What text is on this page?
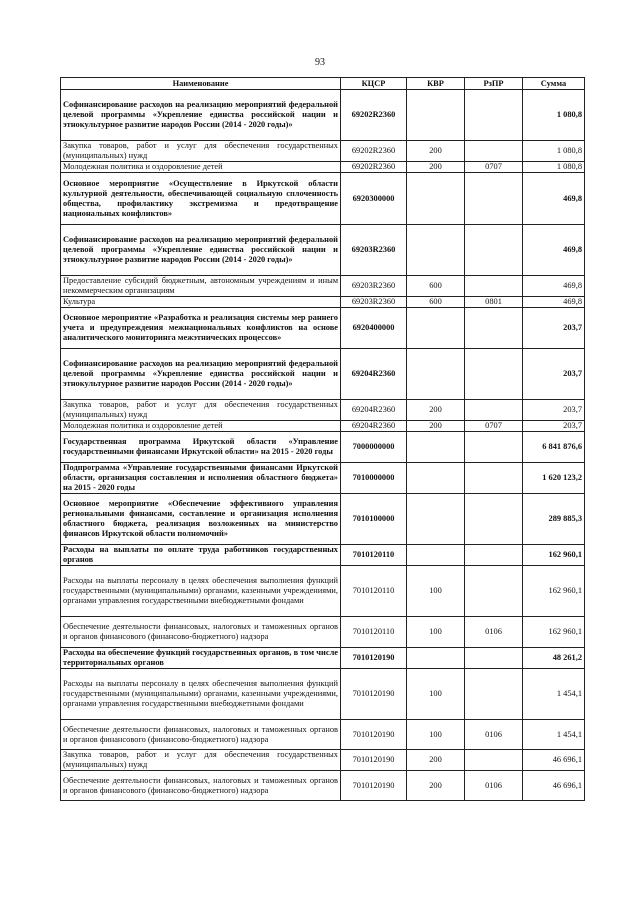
93
Наименование	КЦСР	КВР	РзПР	Сумма
Софинансирование расходов на реализацию мероприятий федеральной целевой программы «Укрепление единства российской нации и этнокультурное развитие народов России (2014 - 2020 годы)»	69202R2360			1 080,8
Закупка товаров, работ и услуг для обеспечения государственных (муниципальных) нужд	69202R2360	200		1 080,8
Молодежная политика и оздоровление детей	69202R2360	200	0707	1 080,8
Основное мероприятие «Осуществление в Иркутской области культурной деятельности, обеспечивающей социальную сплоченность общества, профилактику экстремизма и предотвращение национальных конфликтов»	6920300000			469,8
Софинансирование расходов на реализацию мероприятий федеральной целевой программы «Укрепление единства российской нации и этнокультурное развитие народов России (2014 - 2020 годы)»	69203R2360			469,8
Предоставление субсидий бюджетным, автономным учреждениям и иным некоммерческим организациям	69203R2360	600		469,8
Культура	69203R2360	600	0801	469,8
Основное мероприятие «Разработка и реализация системы мер раннего учета и предупреждения межнациональных конфликтов на основе аналитического мониторинга межэтнических процессов»	6920400000			203,7
Софинансирование расходов на реализацию мероприятий федеральной целевой программы «Укрепление единства российской нации и этнокультурное развитие народов России (2014 - 2020 годы)»	69204R2360			203,7
Закупка товаров, работ и услуг для обеспечения государственных (муниципальных) нужд	69204R2360	200		203,7
Молодежная политика и оздоровление детей	69204R2360	200	0707	203,7
Государственная программа Иркутской области «Управление государственными финансами Иркутской области» на 2015 - 2020 годы	7000000000			6 841 876,6
Подпрограмма «Управление государственными финансами Иркутской области, организация составления и исполнения областного бюджета» на 2015 - 2020 годы	7010000000			1 620 123,2
Основное мероприятие «Обеспечение эффективного управления региональными финансами, составление и организация исполнения областного бюджета, реализация возложенных на министерство финансов Иркутской области полномочий»	7010100000			289 885,3
Расходы на выплаты по оплате труда работников государственных органов	7010120110			162 960,1
Расходы на выплаты персоналу в целях обеспечения выполнения функций государственными (муниципальными) органами, казенными учреждениями, органами управления государственными внебюджетными фондами	7010120110	100		162 960,1
Обеспечение деятельности финансовых, налоговых и таможенных органов и органов финансового (финансово-бюджетного) надзора	7010120110	100	0106	162 960,1
Расходы на обеспечение функций государственных органов, в том числе территориальных органов	7010120190			48 261,2
Расходы на выплаты персоналу в целях обеспечения выполнения функций государственными (муниципальными) органами, казенными учреждениями, органами управления государственными внебюджетными фондами	7010120190	100		1 454,1
Обеспечение деятельности финансовых, налоговых и таможенных органов и органов финансового (финансово-бюджетного) надзора	7010120190	100	0106	1 454,1
Закупка товаров, работ и услуг для обеспечения государственных (муниципальных) нужд	7010120190	200		46 696,1
Обеспечение деятельности финансовых, налоговых и таможенных органов и органов финансового (финансово-бюджетного) надзора	7010120190	200	0106	46 696,1
